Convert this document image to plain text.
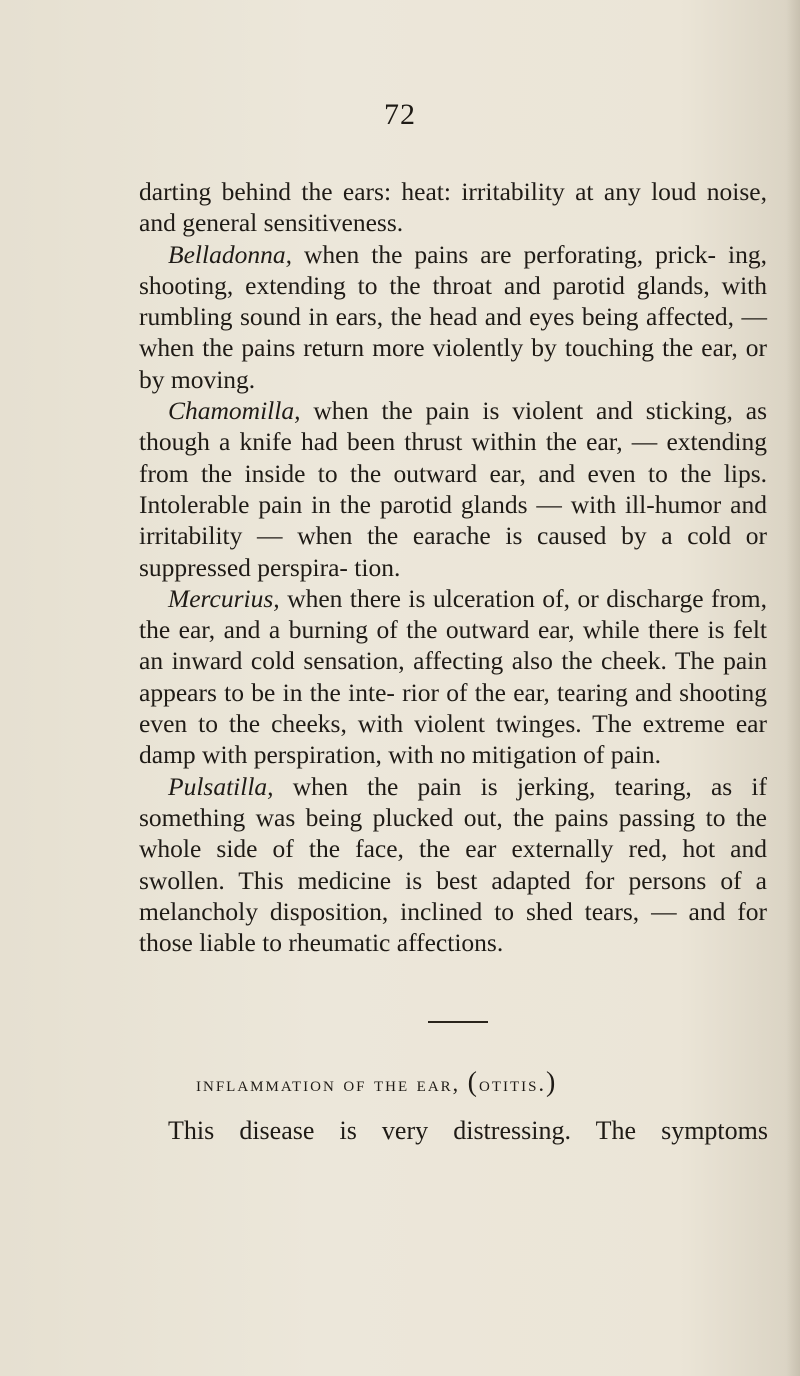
72

darting behind the ears: heat: irritability at any loud noise, and general sensitiveness.

Belladonna, when the pains are perforating, prick- ing, shooting, extending to the throat and parotid glands, with rumbling sound in ears, the head and eyes being affected, — when the pains return more violently by touching the ear, or by moving.

Chamomilla, when the pain is violent and sticking, as though a knife had been thrust within the ear, — extending from the inside to the outward ear, and even to the lips. Intolerable pain in the parotid glands — with ill-humor and irritability — when the earache is caused by a cold or suppressed perspira- tion.

Mercurius, when there is ulceration of, or discharge from, the ear, and a burning of the outward ear, while there is felt an inward cold sensation, affecting also the cheek. The pain appears to be in the inte- rior of the ear, tearing and shooting even to the cheeks, with violent twinges. The extreme ear damp with perspiration, with no mitigation of pain.

Pulsatilla, when the pain is jerking, tearing, as if something was being plucked out, the pains passing to the whole side of the face, the ear externally red, hot and swollen. This medicine is best adapted for persons of a melancholy disposition, inclined to shed tears, — and for those liable to rheumatic affections.

inflammation of the ear, (otitis.)
This disease is very distressing. The symptoms
